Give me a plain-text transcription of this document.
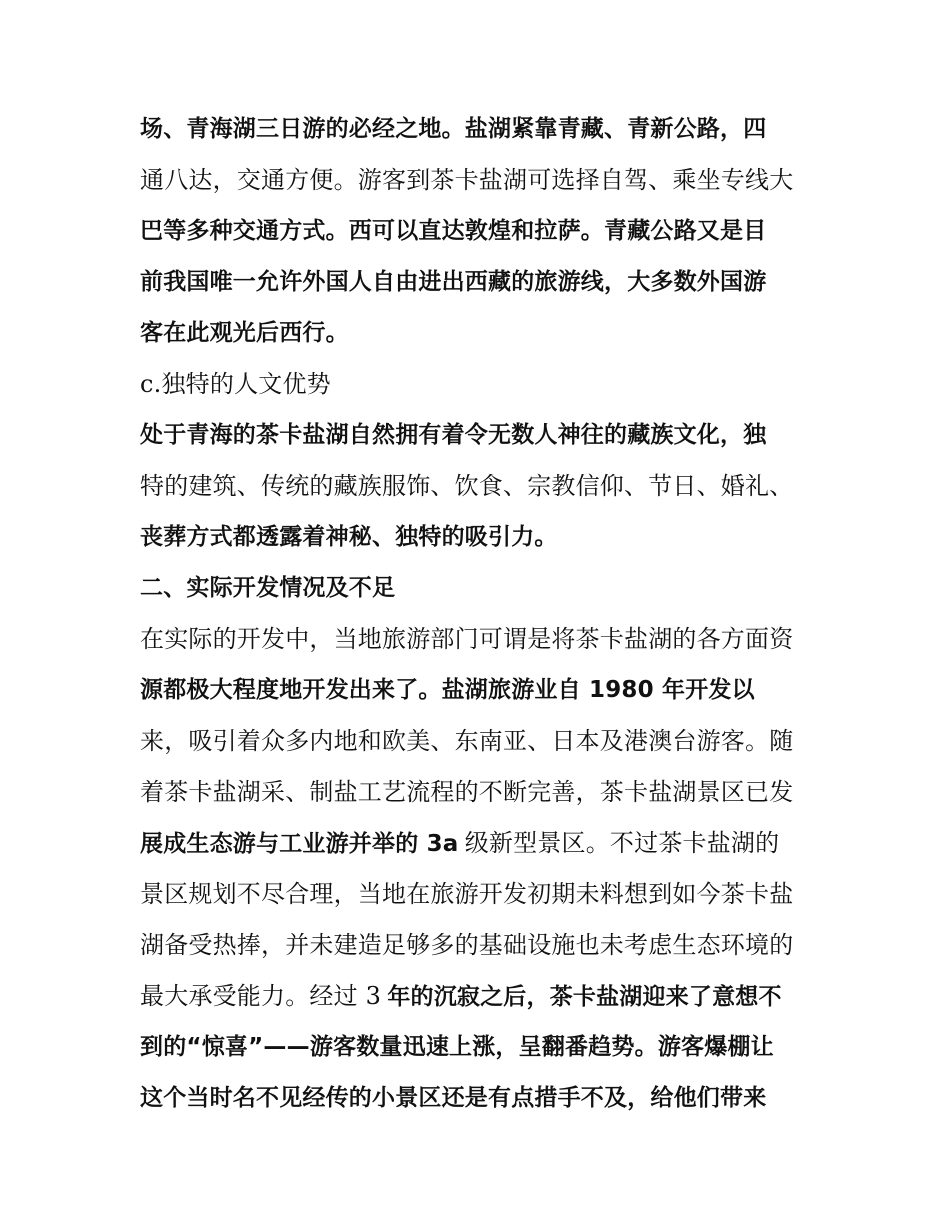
场、青海湖三日游的必经之地。盐湖紧靠青藏、青新公路，四
通八达，交通方便。游客到茶卡盐湖可选择自驾、乘坐专线大
巴等多种交通方式。西可以直达敦煌和拉萨。青藏公路又是目
前我国唯一允许外国人自由进出西藏的旅游线，大多数外国游
客在此观光后西行。
c.独特的人文优势
处于青海的茶卡盐湖自然拥有着令无数人神往的藏族文化，独
特的建筑、传统的藏族服饰、饮食、宗教信仰、节日、婚礼、
丧葬方式都透露着神秘、独特的吸引力。
二、实际开发情况及不足
在实际的开发中，当地旅游部门可谓是将茶卡盐湖的各方面资
源都极大程度地开发出来了。盐湖旅游业自 1980 年开发以
来，吸引着众多内地和欧美、东南亚、日本及港澳台游客。随
着茶卡盐湖采、制盐工艺流程的不断完善，茶卡盐湖景区已发
展成生态游与工业游并举的 3a 级新型景区。不过茶卡盐湖的
景区规划不尽合理，当地在旅游开发初期未料想到如今茶卡盐
湖备受热捧，并未建造足够多的基础设施也未考虑生态环境的
最大承受能力。经过 3 年的沉寂之后，茶卡盐湖迎来了意想不
到的“惊喜”——游客数量迅速上涨，呈翻番趋势。游客爆棚让
这个当时名不见经传的小景区还是有点措手不及，给他们带来
